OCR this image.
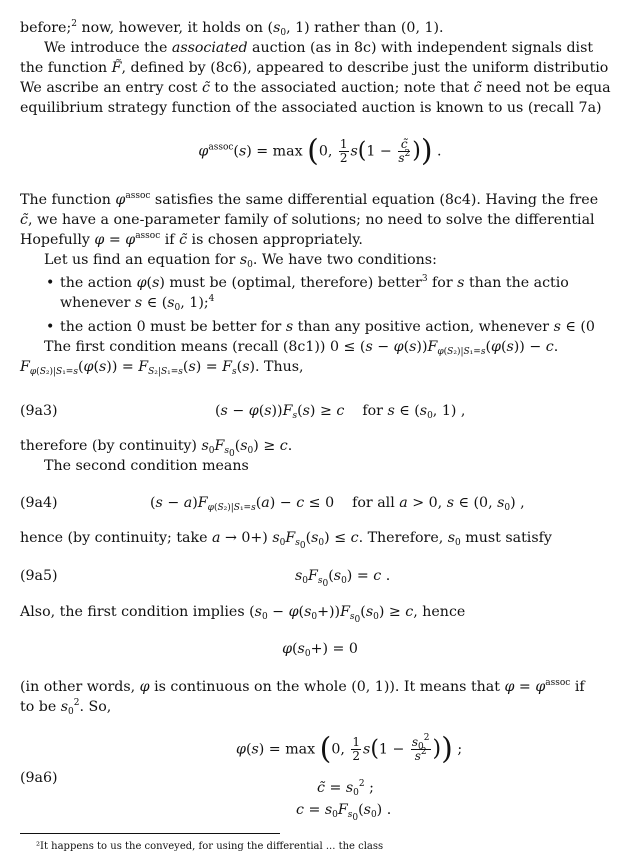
before;$^2$ now, however, it holds on ($s_0$, 1) rather than (0, 1).
We introduce the associated auction (as in 8c) with independent signals dist
the function F̃, defined by (8c6), appeared to describe just the uniform distributio
We ascribe an entry cost c̃ to the associated auction; note that c̃ need not be equa
equilibrium strategy function of the associated auction is known to us (recall 7a)
$\varphi^{assoc}(s) = \max (0$, $\frac{1}{2} s(1 - \frac{c̃}{s^2}$ )) .
The function $\varphi^{assoc}$ satisfies the same differential equation (8c4). Having the free
c̃, we have a one-parameter family of solutions; no need to solve the differential
Hopefully $\varphi = \varphi^{assoc}$ if c̃ is chosen appropriately.
Let us find an equation for $s_0$. We have two conditions:
• the action φ(s) must be (optimal, therefore) better$^3$ for s than the actio
whenever s ∈ ($s_0$, 1);$^4$
• the action 0 must be better for s than any positive action, whenever s ∈ (0
The first condition means (recall (8c1)) $0 \le (s - \varphi(s))F_{\varphi(S_2)|S_1=s}(\varphi(s)) - c$.
$F_{\varphi(S_2)|S_1=s}(\varphi(s)) = F_{S_2|S_1=s}(s) = F_s(s)$. Thus,
(9a3)	$(s - \varphi(s))F_s(s) \ge c$    for s ∈ ($s_0$, 1) ,
therefore (by continuity) $s_0F_{s_0}(s_0) \ge c$.
The second condition means
(9a4)	$(s - a)F_{\varphi(S_2)|S_1=s}(a) - c \le 0$    for all a > 0, s ∈ (0, $s_0$) ,
hence (by continuity; take a → 0+) $s_0F_{s_0}(s_0) \le c$. Therefore, $s_0$ must satisfy
(9a5)	$s_0F_{s_0}(s_0) = c$ .
Also, the first condition implies $(s_0 - \varphi(s_0+))F_{s_0}(s_0) \ge c$, hence
$\varphi(s_0+) = 0$
(in other words, φ is continuous on the whole (0, 1)). It means that $\varphi = \varphi^{assoc}$ if
to be $s_0^2$. So,
(9a6)
φ(s) = max (0, $\frac{1}{2} s(1 - \frac{s_0^2}{s^2}$ )) ;
c̃ = $s_0^2$ ;
$c = s_0F_{s_0}(s_0)$ .
²It happens to us the conveyed, for using the differential ... the class
